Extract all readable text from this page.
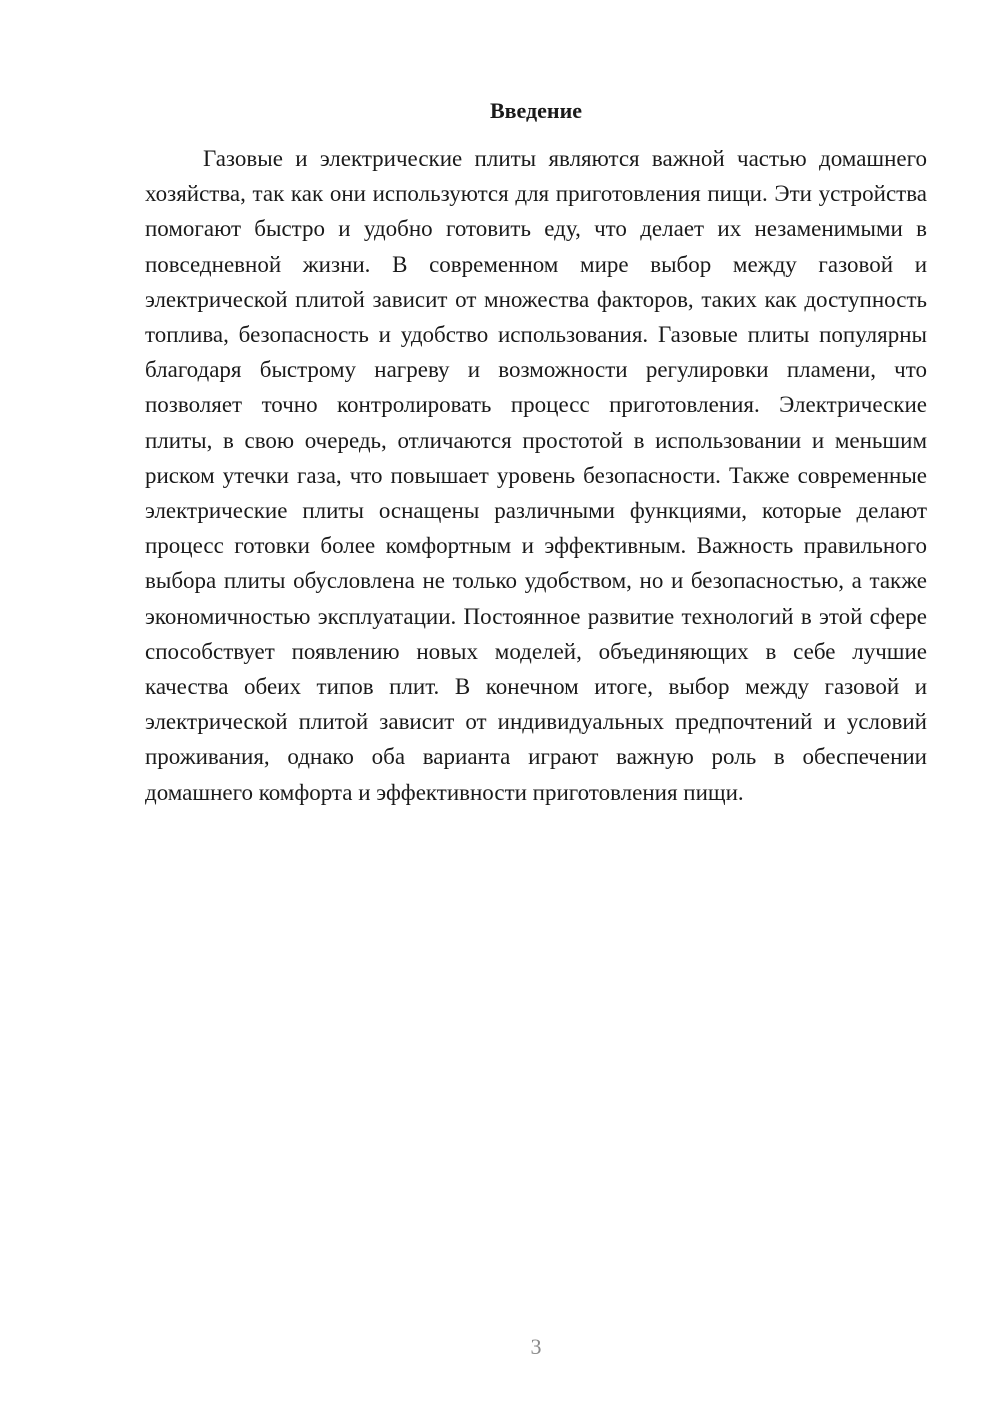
Введение

Газовые и электрические плиты являются важной частью домашнего хозяйства, так как они используются для приготовления пищи. Эти устройства помогают быстро и удобно готовить еду, что делает их незаменимыми в повседневной жизни. В современном мире выбор между газовой и электрической плитой зависит от множества факторов, таких как доступность топлива, безопасность и удобство использования. Газовые плиты популярны благодаря быстрому нагреву и возможности регулировки пламени, что позволяет точно контролировать процесс приготовления. Электрические плиты, в свою очередь, отличаются простотой в использовании и меньшим риском утечки газа, что повышает уровень безопасности. Также современные электрические плиты оснащены различными функциями, которые делают процесс готовки более комфортным и эффективным. Важность правильного выбора плиты обусловлена не только удобством, но и безопасностью, а также экономичностью эксплуатации. Постоянное развитие технологий в этой сфере способствует появлению новых моделей, объединяющих в себе лучшие качества обеих типов плит. В конечном итоге, выбор между газовой и электрической плитой зависит от индивидуальных предпочтений и условий проживания, однако оба варианта играют важную роль в обеспечении домашнего комфорта и эффективности приготовления пищи.

3
